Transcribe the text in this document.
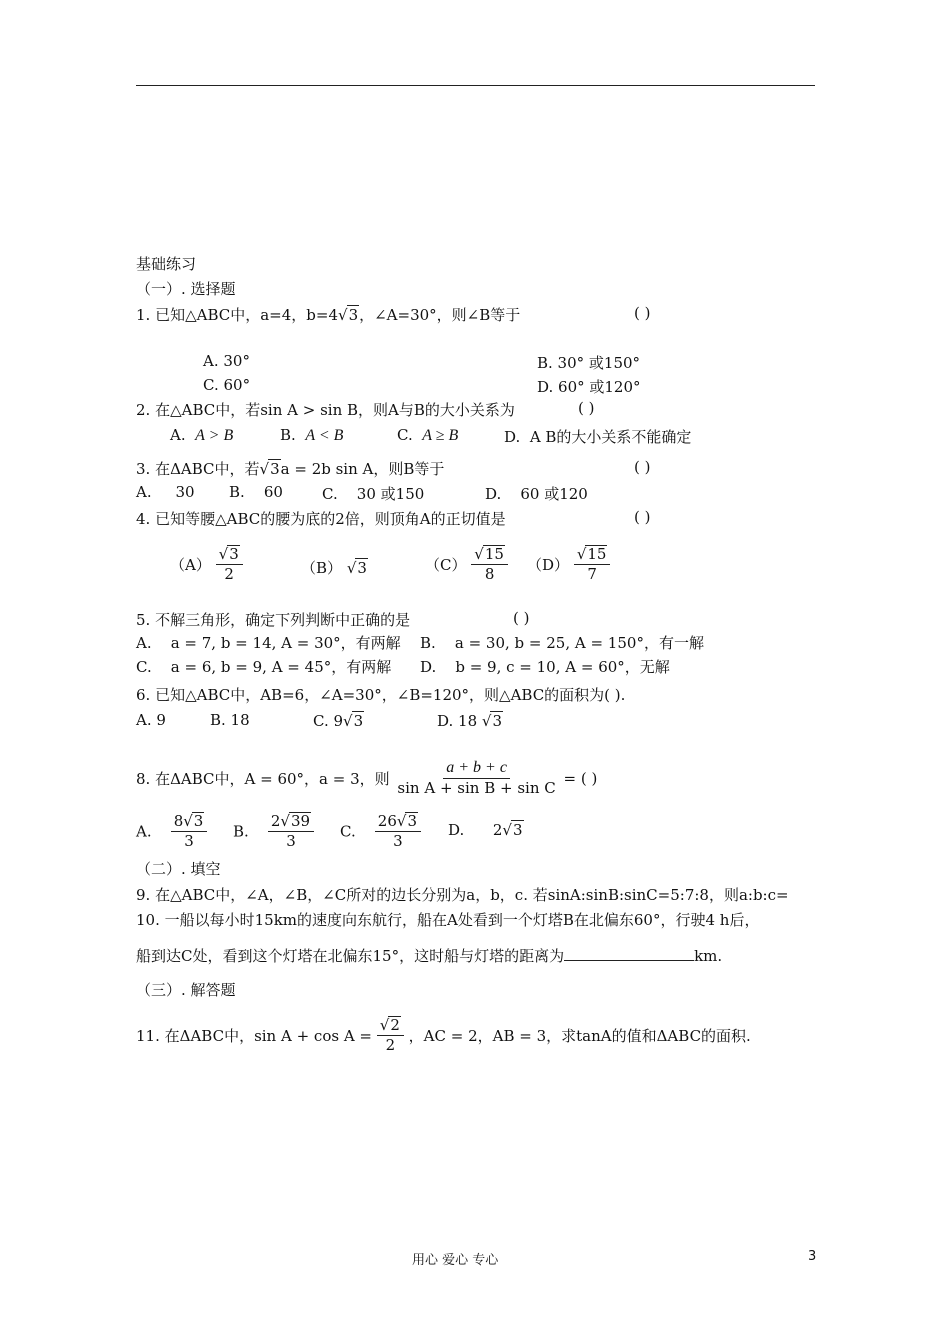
基础练习
（一）. 选择题
1. 已知△ABC中，a=4，b=4√3，∠A=30°，则∠B等于	( )
A. 30°	B. 30° 或150°
C. 60°	D. 60° 或120°
2. 在△ABC中，若sin A > sin B，则A与B的大小关系为	( )
A. A > B	B. A < B	C. A ≥ B	D. A B的大小关系不能确定
3. 在ΔABC中，若√3a = 2b sin A，则B等于	( )
A. 30 B. 60	C. 30 或150	D. 60 或120
4. 已知等腰△ABC的腰为底的2倍，则顶角A的正切值是	( )
$(A) \frac{√3}{2}$	（B） √3	$(C) \frac{√15}{8} (D) \frac{√15}{7}$
5. 不解三角形，确定下列判断中正确的是	( )
A. a = 7, b = 14, A = 30°，有两解 B. a = 30, b = 25, A = 150°，有一解
C. a = 6, b = 9, A = 45°，有两解 D. b = 9, c = 10, A = 60°，无解
6. 已知△ABC中，AB=6，∠A=30°，∠B=120°，则△ABC的面积为( ).
A. 9	B. 18	C. 9√3	D. 18 √3
8. 在ΔABC中，A = 60°，a = 3，则 $\frac{a + b + c}{\text{sin A + sin B + sin C}}$ = ( )
A. $\frac{8√3}{3} B$. $\frac{2√39}{3} C$. $\frac{26√3}{3} D$. 2√3
（二）. 填空
9. 在△ABC中，∠A，∠B，∠C所对的边长分别为a，b，c. 若sinA:sinB:sinC=5:7:8，则a:b:c=
10. 一船以每小时15km的速度向东航行，船在A处看到一个灯塔B在北偏东60°，行驶4 h后，
船到达C处，看到这个灯塔在北偏东15°，这时船与灯塔的距离为	km.
（三）. 解答题
11. 在ΔABC中，$\sin A + \cos A = \frac{√2}{2}$ ，AC = 2，AB = 3，求tanA的值和ΔABC的面积.
用心 爱心 专心	3
